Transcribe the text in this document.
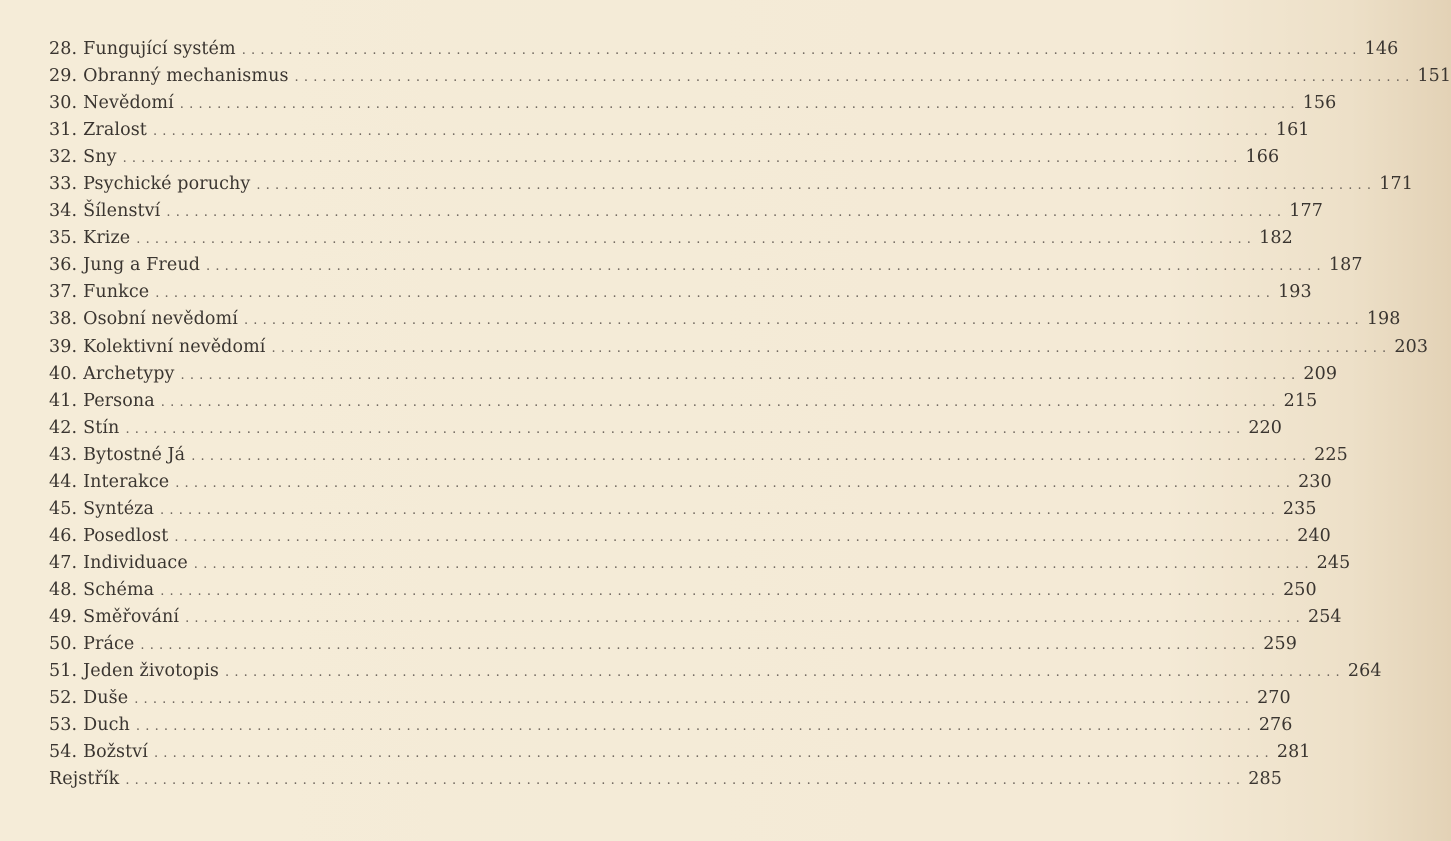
28. Fungující systém ........................................................................................................................ 146
29. Obranný mechanismus ........................................................................................................................ 151
30. Nevědomí ........................................................................................................................ 156
31. Zralost ........................................................................................................................ 161
32. Sny ........................................................................................................................ 166
33. Psychické poruchy ........................................................................................................................ 171
34. Šílenství ........................................................................................................................ 177
35. Krize ........................................................................................................................ 182
36. Jung a Freud ........................................................................................................................ 187
37. Funkce ........................................................................................................................ 193
38. Osobní nevědomí ........................................................................................................................ 198
39. Kolektivní nevědomí ........................................................................................................................ 203
40. Archetypy ........................................................................................................................ 209
41. Persona ........................................................................................................................ 215
42. Stín ........................................................................................................................ 220
43. Bytostné Já ........................................................................................................................ 225
44. Interakce ........................................................................................................................ 230
45. Syntéza ........................................................................................................................ 235
46. Posedlost ........................................................................................................................ 240
47. Individuace ........................................................................................................................ 245
48. Schéma ........................................................................................................................ 250
49. Směřování ........................................................................................................................ 254
50. Práce ........................................................................................................................ 259
51. Jeden životopis ........................................................................................................................ 264
52. Duše ........................................................................................................................ 270
53. Duch ........................................................................................................................ 276
54. Božství ........................................................................................................................ 281
Rejstřík ........................................................................................................................ 285
